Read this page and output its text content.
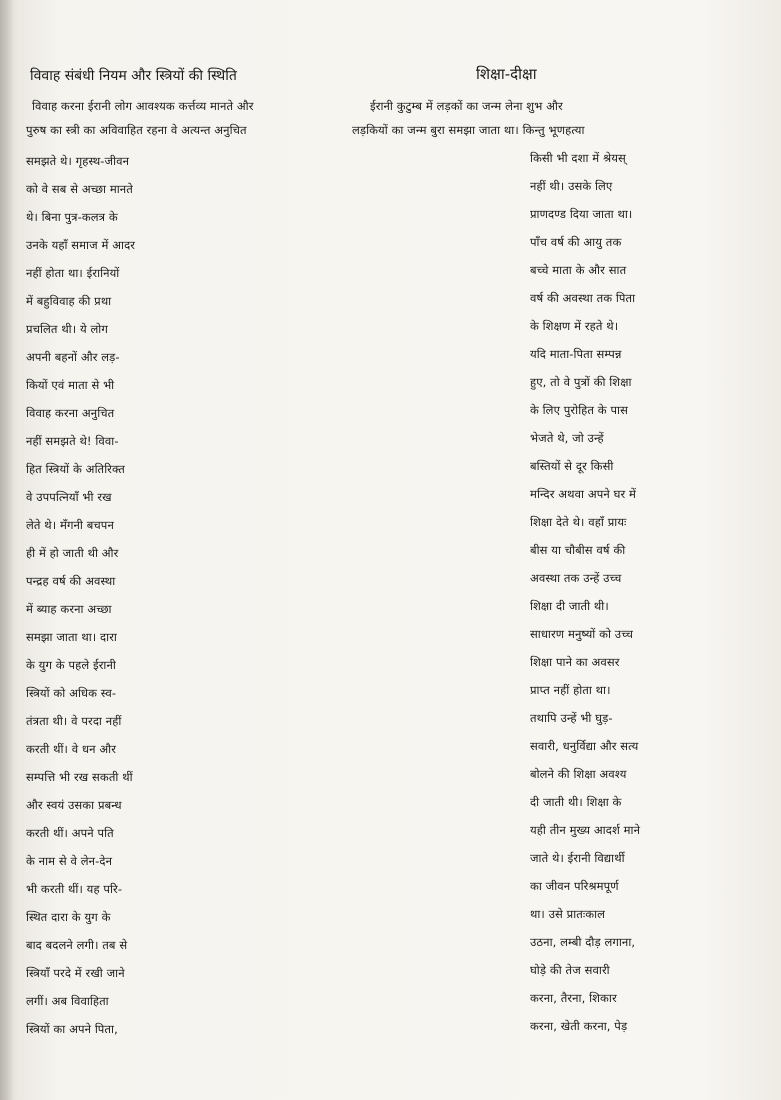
विवाह संबंधी नियम और स्त्रियों की स्थिति	शिक्षा-दीक्षा
विवाह करना ईरानी लोग आवश्यक कर्त्तव्य मानते और
पुरुष का स्त्री का अविवाहित रहना वे अत्यन्त अनुचित
समझते थे। गृहस्थ-जीवन
को वे सब से अच्छा मानते
थे। बिना पुत्र-कलत्र के
उनके यहाँ समाज में आदर
नहीं होता था। ईरानियों
में बहुविवाह की प्रथा
प्रचलित थी। ये लोग
अपनी बहनों और लड़-
कियों एवं माता से भी
विवाह करना अनुचित
नहीं समझते थे! विवा-
हित स्त्रियों के अतिरिक्त
वे उपपत्नियाँ भी रख
लेते थे। मँगनी बचपन
ही में हो जाती थी और
पन्द्रह वर्ष की अवस्था
में ब्याह करना अच्छा
समझा जाता था। दारा
के युग के पहले ईरानी
स्त्रियों को अधिक स्व-
तंत्रता थी। वे परदा नहीं
करती थीं। वे धन और
सम्पत्ति भी रख सकती थीं
और स्वयं उसका प्रबन्ध
करती थीं। अपने पति
के नाम से वे लेन-देन
भी करती थीं। यह परि-
स्थित दारा के युग के
बाद बदलने लगी। तब से
स्त्रियाँ परदे में रखी जाने
लगीं। अब विवाहिता
स्त्रियों का अपने पिता,
ईरानी कुटुम्ब में लड़कों का जन्म लेना शुभ और
लड़कियों का जन्म बुरा समझा जाता था। किन्तु भूणहत्या
किसी भी दशा में श्रेयस्
नहीं थी। उसके लिए
प्राणदण्ड दिया जाता था।
पाँच वर्ष की आयु तक
बच्चे माता के और सात
वर्ष की अवस्था तक पिता
के शिक्षण में रहते थे।
यदि माता-पिता सम्पन्न
हुए, तो वे पुत्रों की शिक्षा
के लिए पुरोहित के पास
भेजते थे, जो उन्हें
बस्तियों से दूर किसी
मन्दिर अथवा अपने घर में
शिक्षा देते थे। वहाँ प्रायः
बीस या चौबीस वर्ष की
अवस्था तक उन्हें उच्च
शिक्षा दी जाती थी।
साधारण मनुष्यों को उच्च
शिक्षा पाने का अवसर
प्राप्त नहीं होता था।
तथापि उन्हें भी घुड़-
सवारी, धनुर्विद्या और सत्य
बोलने की शिक्षा अवश्य
दी जाती थी। शिक्षा के
यही तीन मुख्य आदर्श माने
जाते थे। ईरानी विद्यार्थी
का जीवन परिश्रमपूर्ण
था। उसे प्रातःकाल
उठना, लम्बी दौड़ लगाना,
घोड़े की तेज सवारी
करना, तैरना, शिकार
करना, खेती करना, पेड़
